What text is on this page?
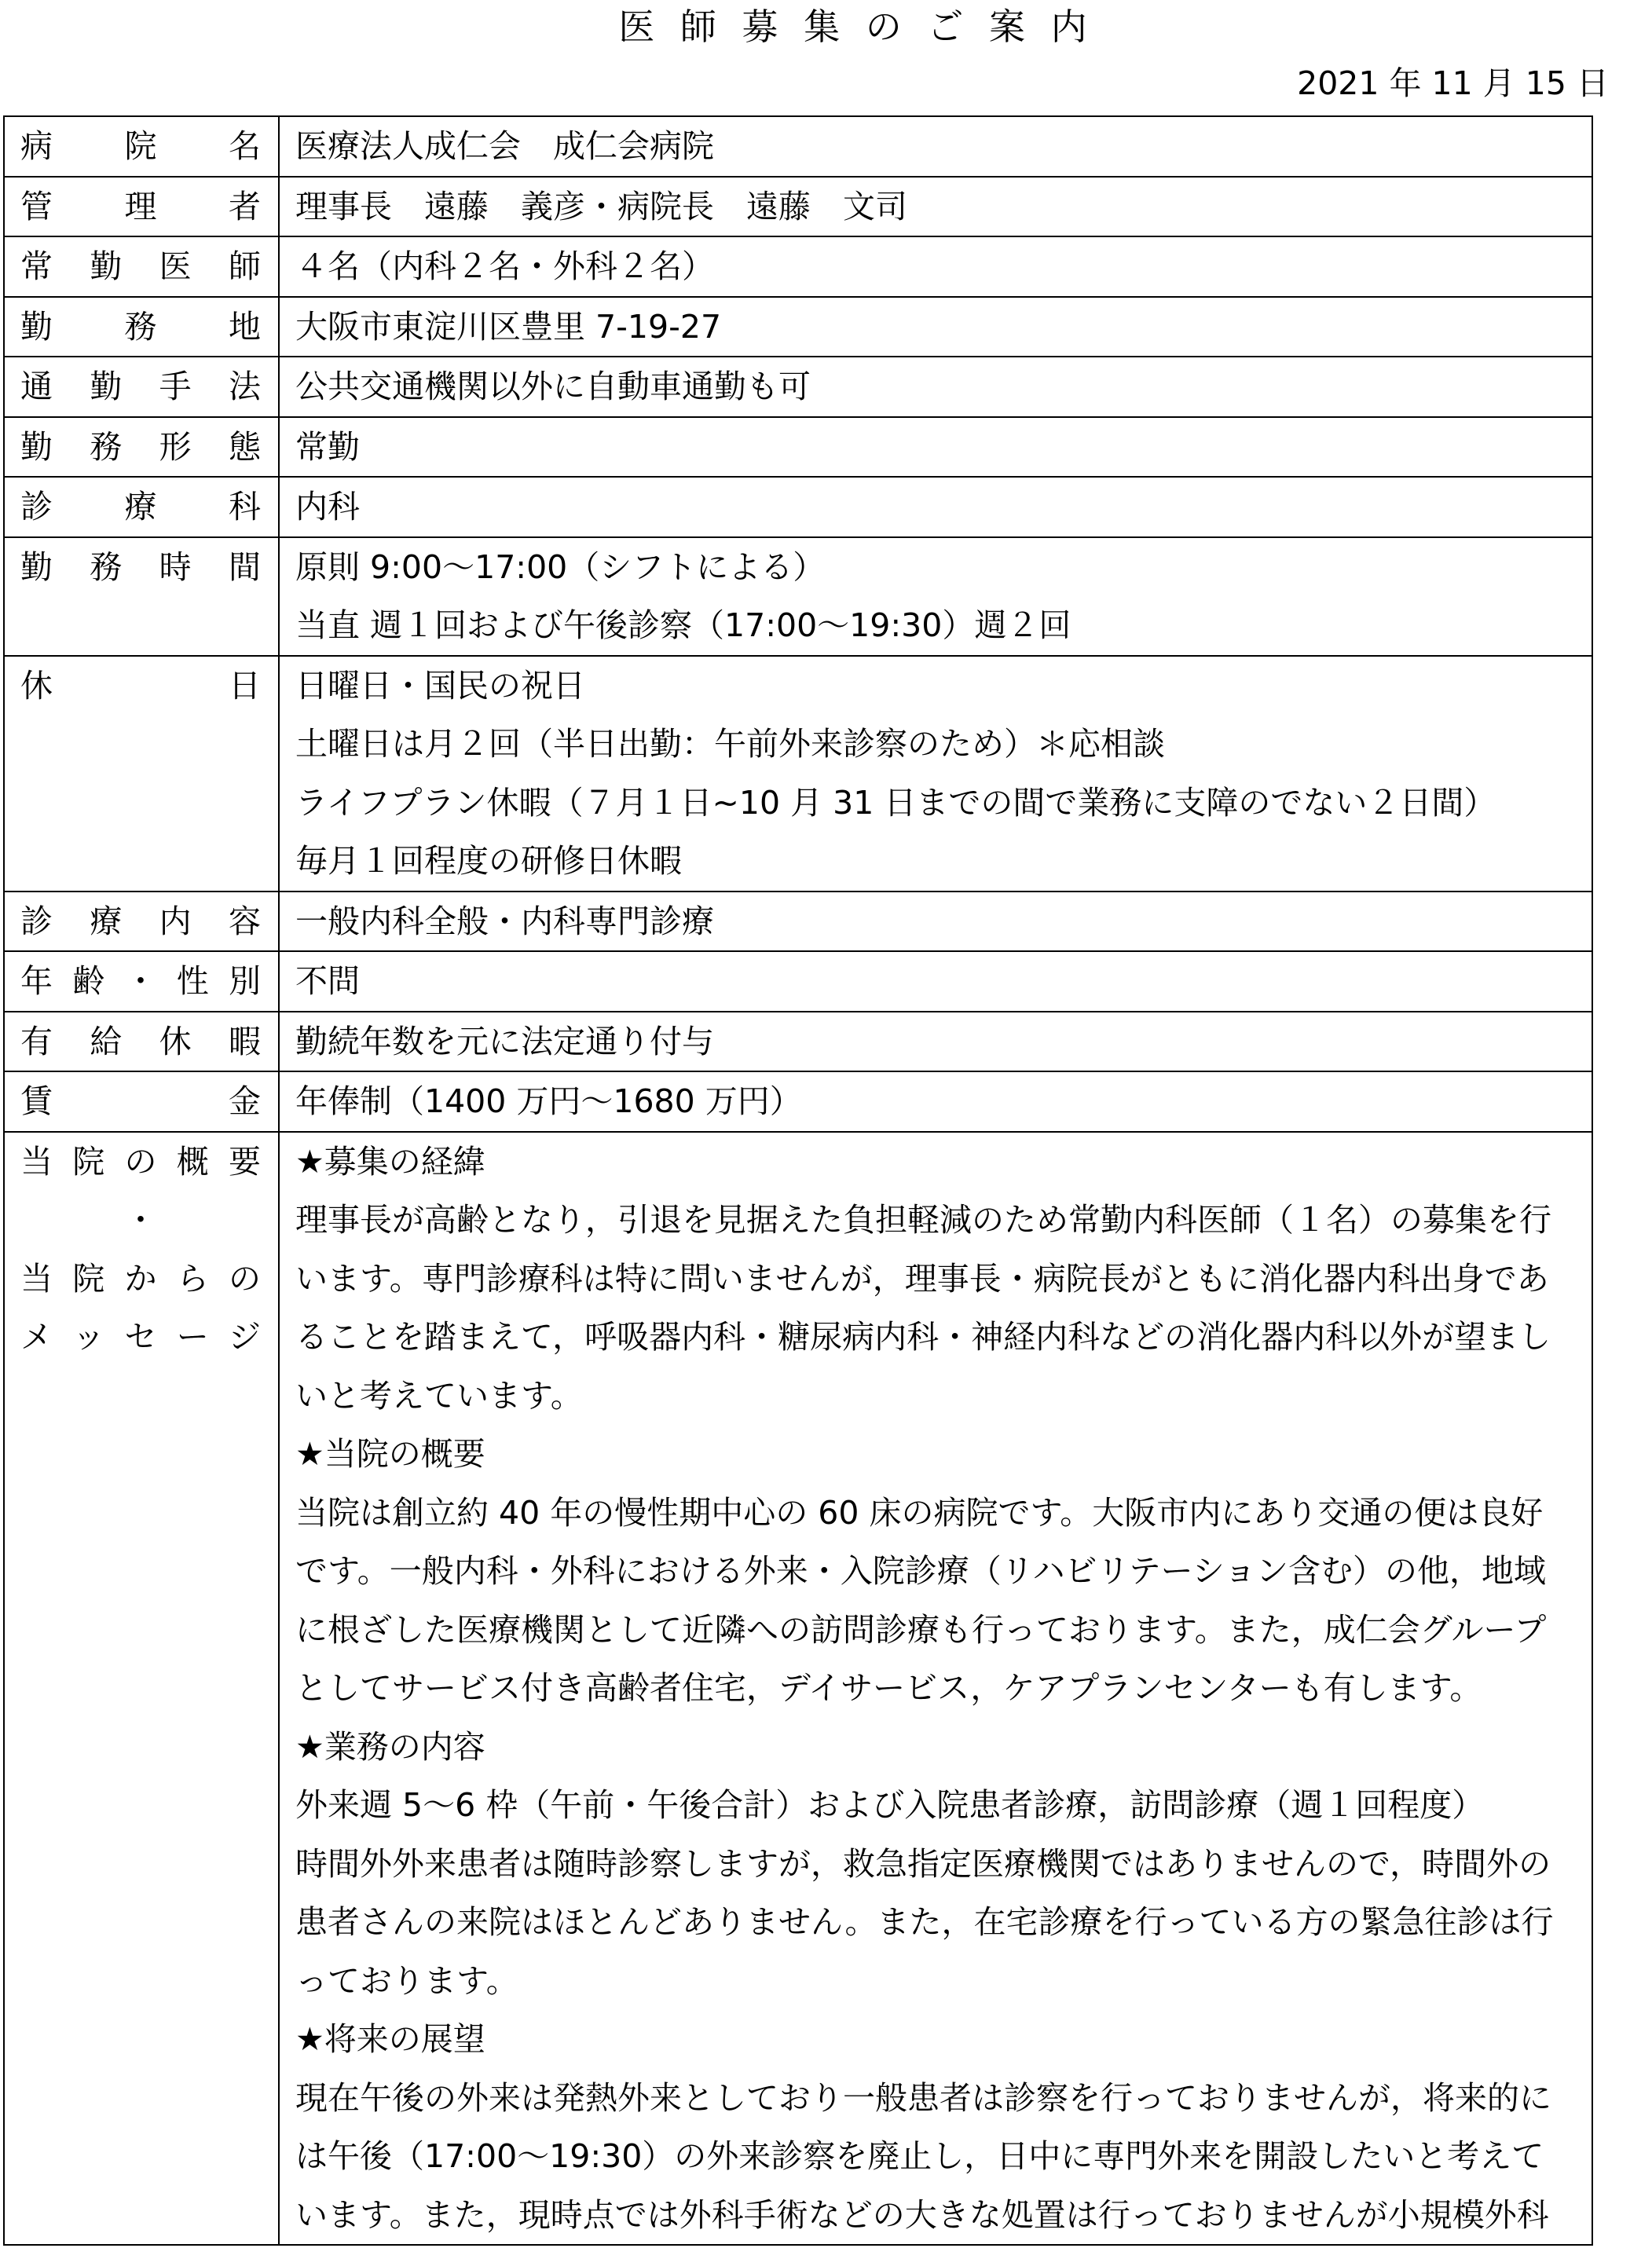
医 師 募 集 の ご 案 内
2021 年 11 月 15 日
病 院 名 医療法人成仁会　成仁会病院
管 理 者 理事長　遠藤　義彦・病院長　遠藤　文司
常 勤 医 師 ４名（内科２名・外科２名）
勤 務 地 大阪市東淀川区豊里 7-19-27
通 勤 手 法 公共交通機関以外に自動車通勤も可
勤 務 形 態 常勤
診 療 科 内科
勤 務 時 間 原則 9:00～17:00（シフトによる）
当直 週１回および午後診察（17:00～19:30）週２回
休	日 日曜日・国民の祝日
土曜日は月２回（半日出勤：午前外来診察のため）＊応相談
ライフプラン休暇（７月１日~10 月 31 日までの間で業務に支障のでない２日間）
毎月１回程度の研修日休暇
診 療 内 容 一般内科全般・内科専門診療
年 齢 ・ 性 別 不問
有 給 休 暇 勤続年数を元に法定通り付与
賃	金 年俸制（1400 万円～1680 万円）
当 院 の 概 要
・
当 院 か ら の
メ ッ セ ー ジ
★募集の経緯
理事長が高齢となり，引退を見据えた負担軽減のため常勤内科医師（１名）の募集を行
います。専門診療科は特に問いませんが，理事長・病院長がともに消化器内科出身であ
ることを踏まえて，呼吸器内科・糖尿病内科・神経内科などの消化器内科以外が望まし
いと考えています。
★当院の概要
当院は創立約 40 年の慢性期中心の 60 床の病院です。大阪市内にあり交通の便は良好
です。一般内科・外科における外来・入院診療（リハビリテーション含む）の他，地域
に根ざした医療機関として近隣への訪問診療も行っております。また，成仁会グループ
としてサービス付き高齢者住宅，デイサービス，ケアプランセンターも有します。
★業務の内容
外来週 5～6 枠（午前・午後合計）および入院患者診療，訪問診療（週１回程度）
時間外外来患者は随時診察しますが，救急指定医療機関ではありませんので，時間外の
患者さんの来院はほとんどありません。また，在宅診療を行っている方の緊急往診は行
っております。
★将来の展望
現在午後の外来は発熱外来としており一般患者は診察を行っておりませんが，将来的に
は午後（17:00～19:30）の外来診察を廃止し，日中に専門外来を開設したいと考えて
います。また，現時点では外科手術などの大きな処置は行っておりませんが小規模外科
